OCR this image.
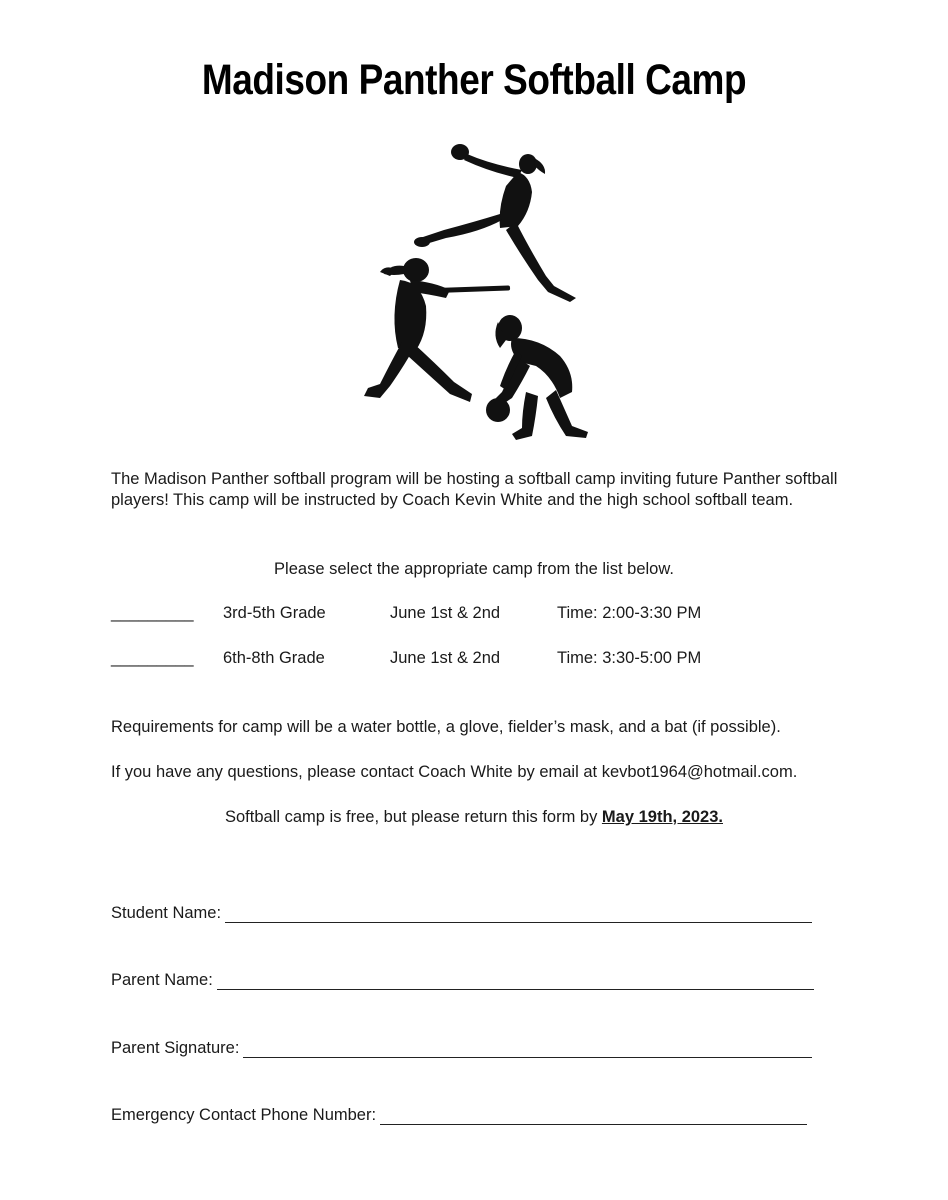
Madison Panther Softball Camp
The Madison Panther softball program will be hosting a softball camp inviting future Panther softball players! This camp will be instructed by Coach Kevin White and the high school softball team.
Please select the appropriate camp from the list below.
_________ 3rd-5th Grade	June 1st & 2nd	Time: 2:00-3:30 PM
_________ 6th-8th Grade	June 1st & 2nd	Time: 3:30-5:00 PM
Requirements for camp will be a water bottle, a glove, fielder’s mask, and a bat (if possible).
If you have any questions, please contact Coach White by email at kevbot1964@hotmail.com.
Softball camp is free, but please return this form by May 19th, 2023.
Student Name:
Parent Name:
Parent Signature:
Emergency Contact Phone Number:
